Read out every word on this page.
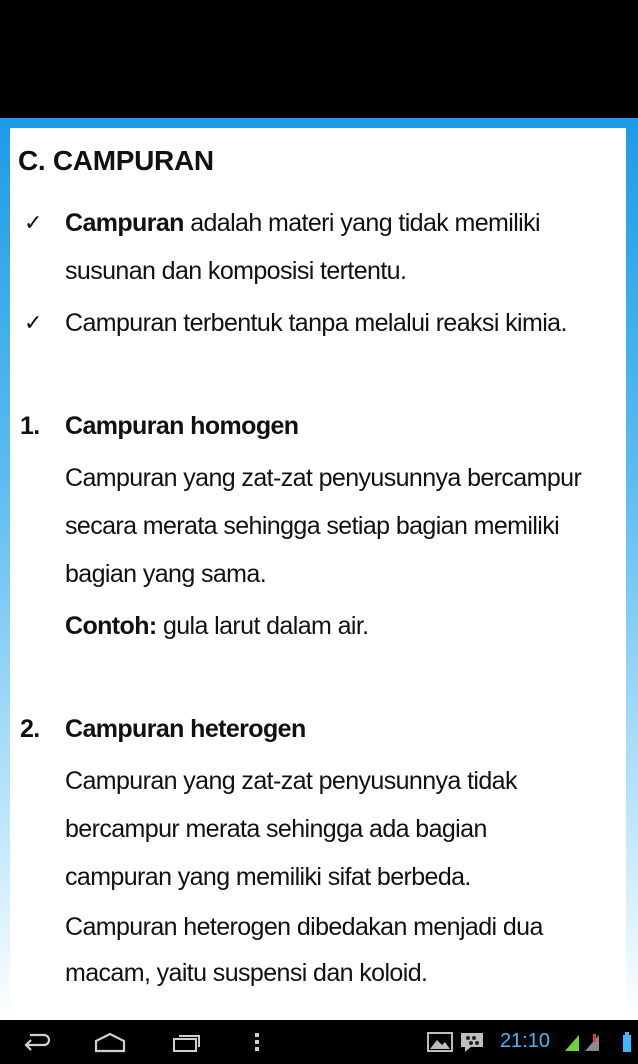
C. CAMPURAN
✓ Campuran adalah materi yang tidak memiliki
susunan dan komposisi tertentu.
✓ Campuran terbentuk tanpa melalui reaksi kimia.
1. Campuran homogen
Campuran yang zat-zat penyusunnya bercampur
secara merata sehingga setiap bagian memiliki
bagian yang sama.
Contoh: gula larut dalam air.
2. Campuran heterogen
Campuran yang zat-zat penyusunnya tidak
bercampur merata sehingga ada bagian
campuran yang memiliki sifat berbeda.
Campuran heterogen dibedakan menjadi dua
macam, yaitu suspensi dan koloid.
21:10
